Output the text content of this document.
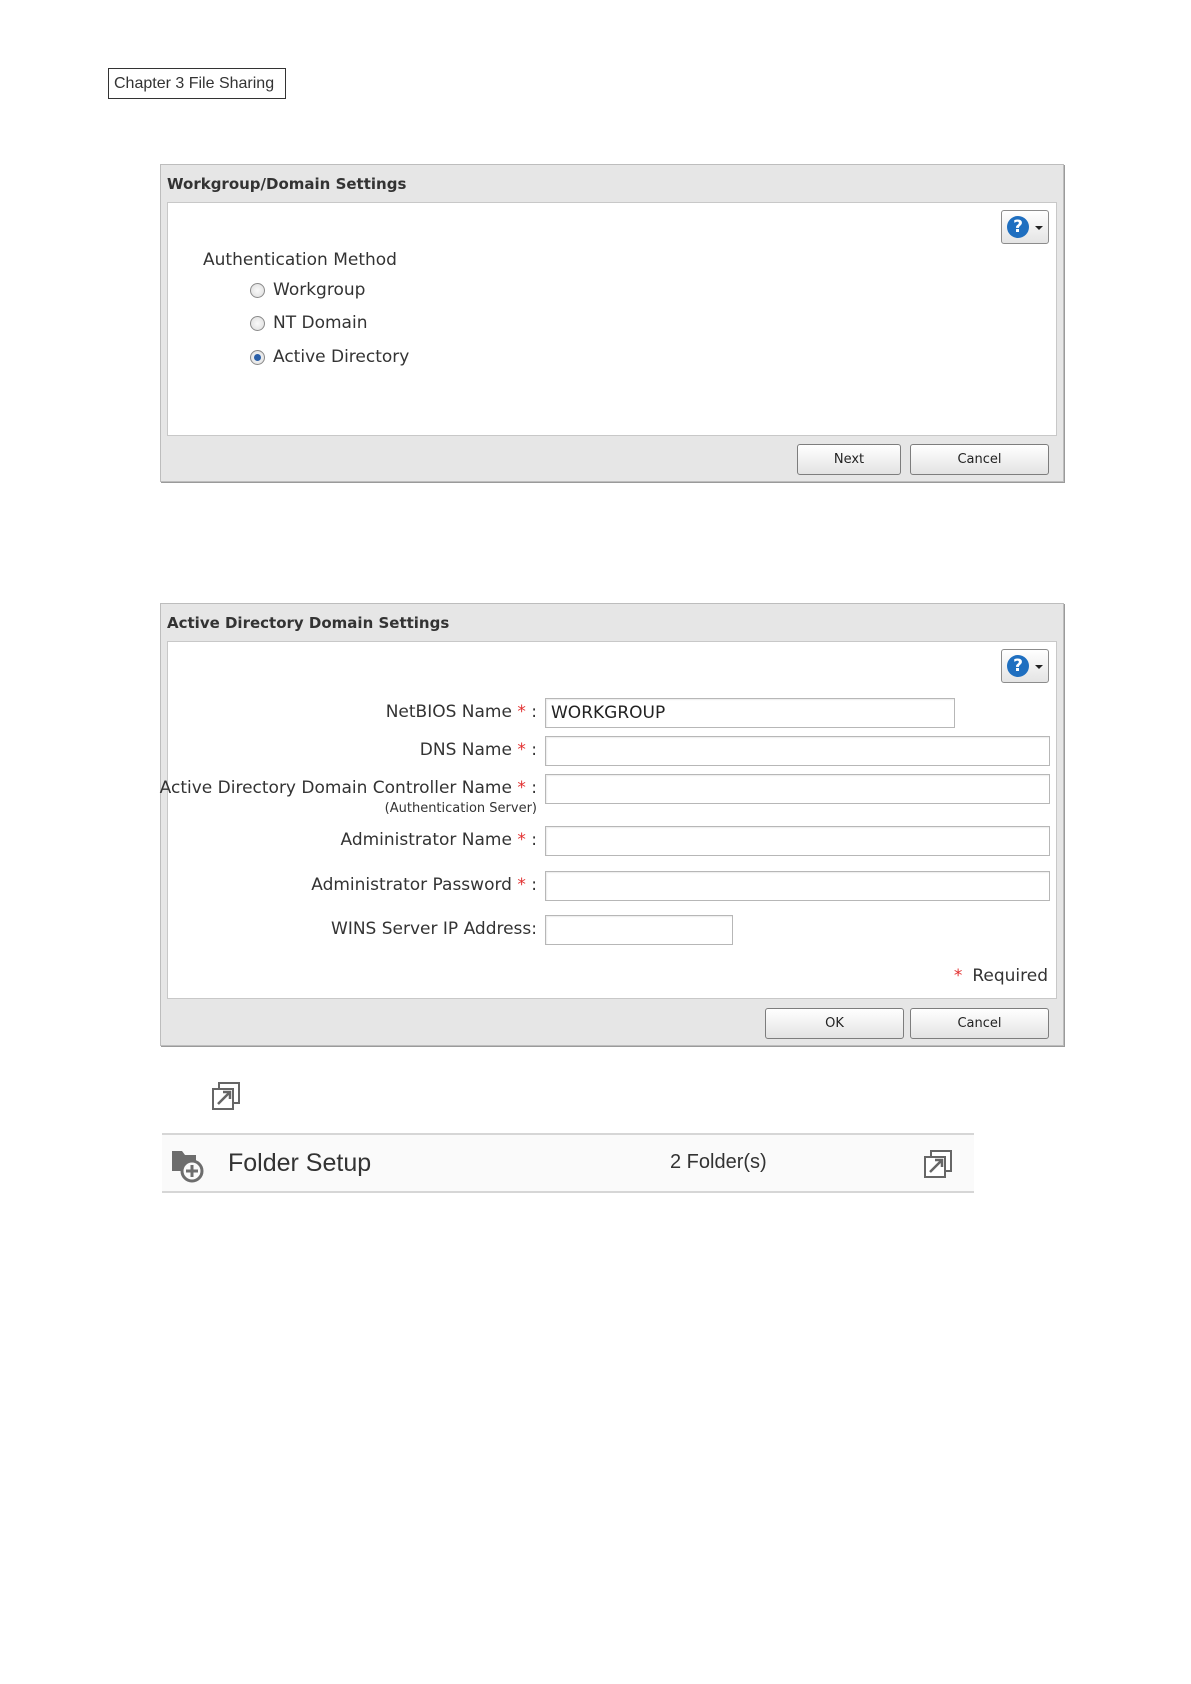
Chapter 3 File Sharing
Workgroup/Domain Settings
?
Authentication Method
Workgroup
NT Domain
Active Directory
Next	Cancel
Active Directory Domain Settings
?
NetBIOS Name * : WORKGROUP
DNS Name * :
Active Directory Domain Controller Name * :
(Authentication Server)
Administrator Name * :
Administrator Password * :
WINS Server IP Address:
* Required
OK	Cancel
Folder Setup	2 Folder(s)
